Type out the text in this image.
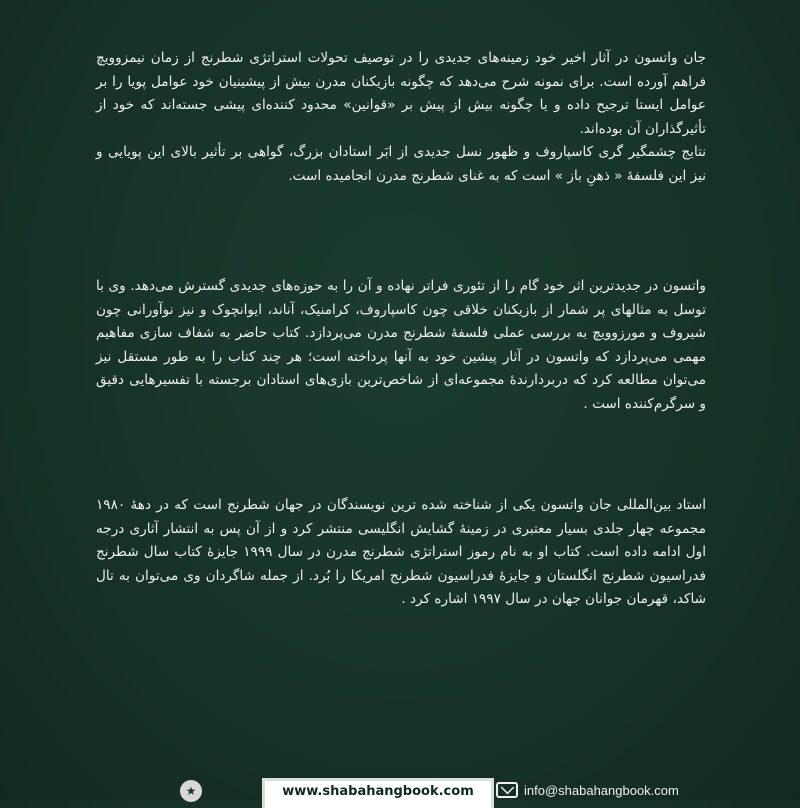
جان واتسون در آثار اخیر خود زمینه‌های جدیدی را در توصیف تحولات استراتژی شطرنج از زمان نیمزوویچ فراهم آورده است. برای نمونه شرح می‌دهد که چگونه بازیکنان مدرن بیش از پیشینیان خود عوامل پویا را بر عوامل ایستا ترجیح داده و یا چگونه بیش از پیش بر «قوانین» محدود کننده‌ای پیشی جسته‌اند که خود از تأثیرگذاران آن بوده‌اند.

نتایج چشمگیر گری کاسپاروف و ظهور نسل جدیدی از ابَر استادان بزرگ، گواهی بر تأثیر بالای این پویایی و نیز این فلسفهٔ « ذهنِ باز » است که به غنای شطرنج مدرن انجامیده است.

واتسون در جدیدترین اثر خود گام را از تئوری فراتر نهاده و آن را به حوزه‌های جدیدی گسترش می‌دهد. وی با توسل به مثالهای پر شمار از بازیکنان خلاقی چون کاسپاروف، کرامنیک، آناند، ایوانچوک و نیز نوآورانی چون شیروف و مورزوویچ به بررسی عملی فلسفهٔ شطرنج مدرن می‌پردازد. کتاب حاضر به شفاف سازی مفاهیم مهمی می‌پردازد که واتسون در آثار پیشین خود به آنها پرداخته است؛ هر چند کتاب را به طور مستقل نیز می‌توان مطالعه کرد که دربردارندهٔ مجموعه‌ای از شاخص‌ترین بازی‌های استادان برجسته با تفسیرهایی دقیق و سرگرم‌کننده است .

استاد بین‌المللی جان واتسون یکی از شناخته شده ترین نویسندگان در جهان شطرنج است که در دههٔ ۱۹۸۰ مجموعه چهار جلدی بسیار معتبری در زمینهٔ گشایش انگلیسی منتشر کرد و از آن پس به انتشار آثاری درجه اول ادامه داده است. کتاب او به نام رموز استراتژی شطرنج مدرن در سال ۱۹۹۹ جایزهٔ کتاب سال شطرنج فدراسیون شطرنج انگلستان و جایزهٔ فدراسیون شطرنج امریکا را بُرد. از جمله شاگردان وی می‌توان به تال شاکد، قهرمان جوانان جهان در سال ۱۹۹۷ اشاره کرد .

★	www.shabahangbook.com	info@shabahangbook.com
